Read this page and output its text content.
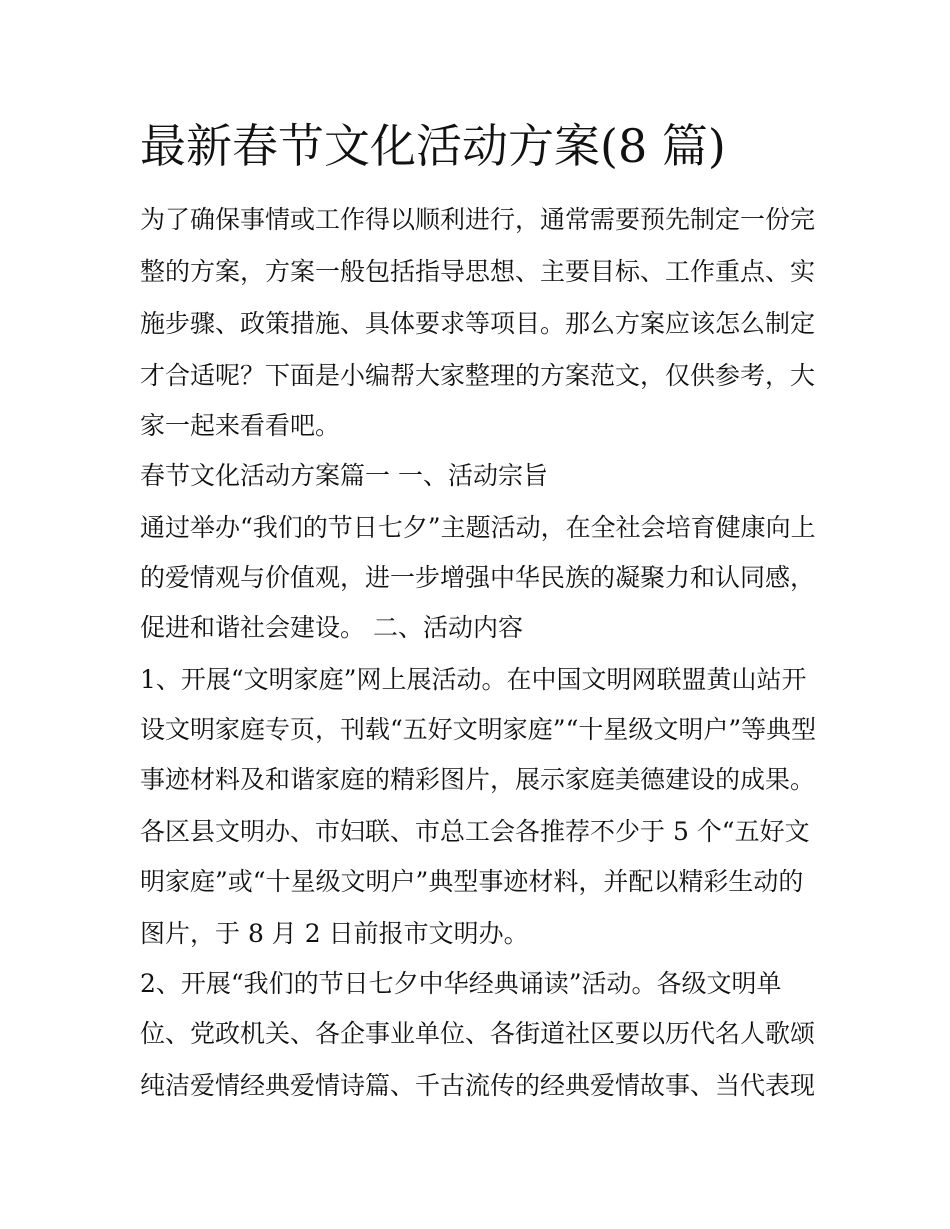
最新春节文化活动方案(8 篇)

为了确保事情或工作得以顺利进行，通常需要预先制定一份完

整的方案，方案一般包括指导思想、主要目标、工作重点、实

施步骤、政策措施、具体要求等项目。那么方案应该怎么制定

才合适呢？下面是小编帮大家整理的方案范文，仅供参考，大

家一起来看看吧。

春节文化活动方案篇一 一、活动宗旨

通过举办“我们的节日七夕”主题活动，在全社会培育健康向上

的爱情观与价值观，进一步增强中华民族的凝聚力和认同感，

促进和谐社会建设。 二、活动内容

1、开展“文明家庭”网上展活动。在中国文明网联盟黄山站开

设文明家庭专页，刊载“五好文明家庭”“十星级文明户”等典型

事迹材料及和谐家庭的精彩图片，展示家庭美德建设的成果。

各区县文明办、市妇联、市总工会各推荐不少于 5 个“五好文

明家庭”或“十星级文明户”典型事迹材料，并配以精彩生动的

图片，于 8 月 2 日前报市文明办。

2、开展“我们的节日七夕中华经典诵读”活动。各级文明单

位、党政机关、各企事业单位、各街道社区要以历代名人歌颂

纯洁爱情经典爱情诗篇、千古流传的经典爱情故事、当代表现
